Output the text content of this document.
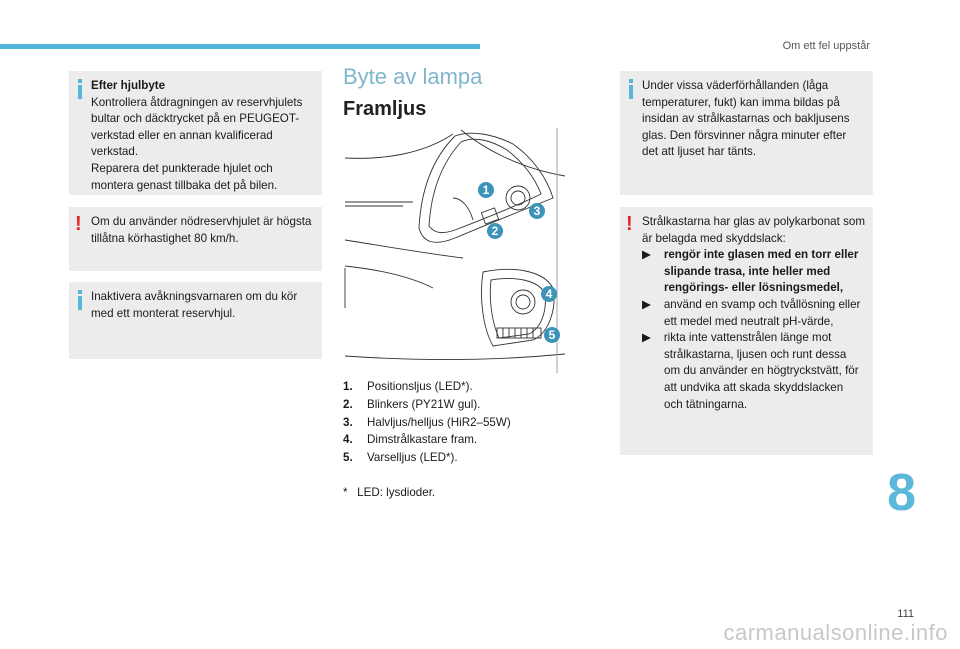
Om ett fel uppstår
Efter hjulbyte
Kontrollera åtdragningen av reservhjulets bultar och däcktrycket på en PEUGEOT-verkstad eller en annan kvalificerad verkstad.
Reparera det punkterade hjulet och montera genast tillbaka det på bilen.
! Om du använder nödreservhjulet är högsta tillåtna körhastighet 80 km/h.
Inaktivera avåkningsvarnaren om du kör med ett monterat reservhjul.
Byte av lampa
Framljus
1
2
3
4
5
1. Positionsljus (LED*).
2. Blinkers (PY21W gul).
3. Halvljus/helljus (HiR2–55W)
4. Dimstrålkastare fram.
5. Varselljus (LED*).
*   LED: lysdioder.
Under vissa väderförhållanden (låga temperaturer, fukt) kan imma bildas på insidan av strålkastarnas och bakljusens glas. Den försvinner några minuter efter det att ljuset har tänts.
! Strålkastarna har glas av polykarbonat som är belagda med skyddslack:
▶    rengör inte glasen med en torr eller slipande trasa, inte heller med rengörings- eller lösningsmedel,
▶    använd en svamp och tvållösning eller ett medel med neutralt pH-värde,
▶    rikta inte vattenstrålen länge mot strålkastarna, ljusen och runt dessa om du använder en högtryckstvätt, för att undvika att skada skyddslacken och tätningarna.
8
111
carmanualsonline.info
